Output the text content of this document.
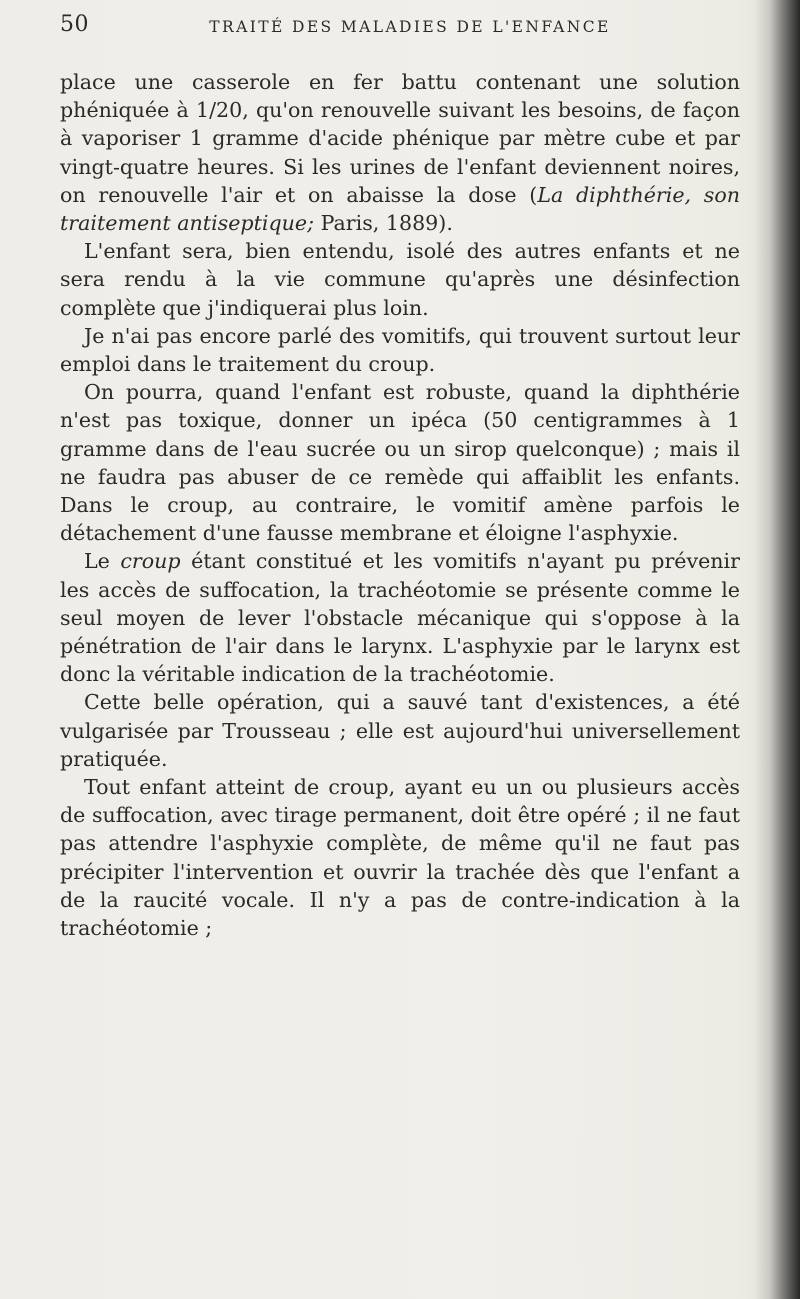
50	TRAITÉ DES MALADIES DE L'ENFANCE

place une casserole en fer battu contenant une solution phéniquée à 1/20, qu'on renouvelle suivant les besoins, de façon à vaporiser 1 gramme d'acide phénique par mètre cube et par vingt-quatre heures. Si les urines de l'enfant deviennent noires, on renouvelle l'air et on abaisse la dose (La diphthérie, son traitement antiseptique; Paris, 1889).

L'enfant sera, bien entendu, isolé des autres enfants et ne sera rendu à la vie commune qu'après une désinfection complète que j'indiquerai plus loin.

Je n'ai pas encore parlé des vomitifs, qui trouvent surtout leur emploi dans le traitement du croup.

On pourra, quand l'enfant est robuste, quand la diphthérie n'est pas toxique, donner un ipéca (50 centigrammes à 1 gramme dans de l'eau sucrée ou un sirop quelconque) ; mais il ne faudra pas abuser de ce remède qui affaiblit les enfants. Dans le croup, au contraire, le vomitif amène parfois le détachement d'une fausse membrane et éloigne l'asphyxie.

Le croup étant constitué et les vomitifs n'ayant pu prévenir les accès de suffocation, la trachéotomie se présente comme le seul moyen de lever l'obstacle mécanique qui s'oppose à la pénétration de l'air dans le larynx. L'asphyxie par le larynx est donc la véritable indication de la trachéotomie.

Cette belle opération, qui a sauvé tant d'existences, a été vulgarisée par Trousseau ; elle est aujourd'hui universellement pratiquée.

Tout enfant atteint de croup, ayant eu un ou plusieurs accès de suffocation, avec tirage permanent, doit être opéré ; il ne faut pas attendre l'asphyxie complète, de même qu'il ne faut pas précipiter l'intervention et ouvrir la trachée dès que l'enfant a de la raucité vocale. Il n'y a pas de contre-indication à la trachéotomie ;
